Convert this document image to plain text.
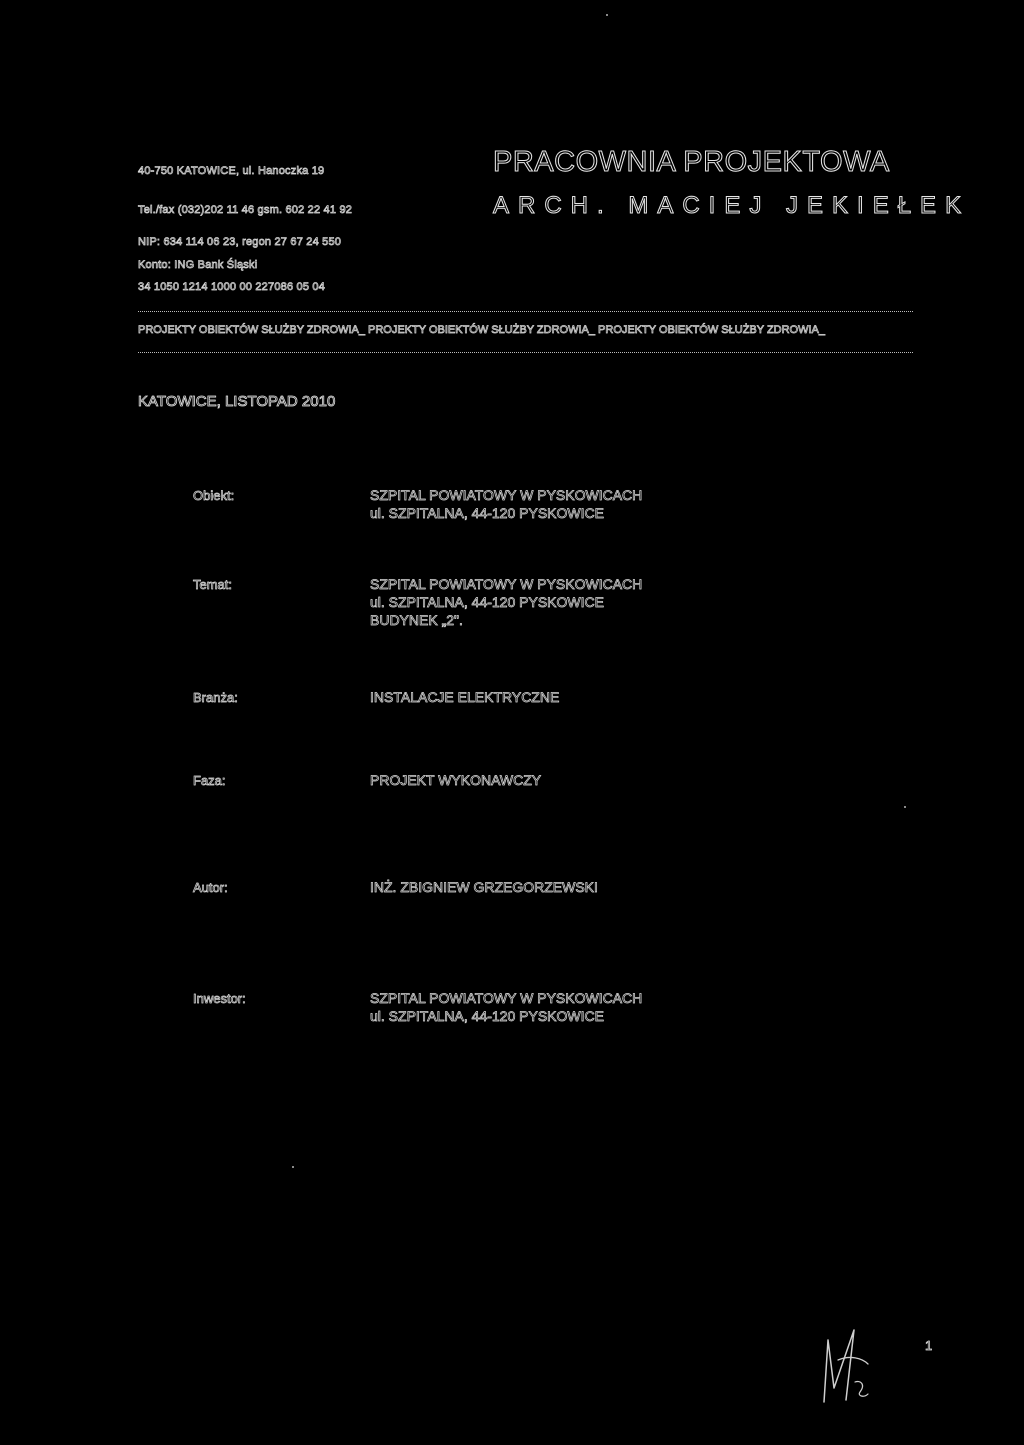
40-750 KATOWICE, ul. Hanoczka 19
Tel./fax (032)202 11 46 gsm. 602 22 41 92
NIP: 634 114 06 23, regon 27 67 24 550
Konto: ING Bank Śląski
34 1050 1214 1000 00 227086 05 04
PRACOWNIA PROJEKTOWA
ARCH. MACIEJ JEKIEŁEK
PROJEKTY OBIEKTÓW SŁUŻBY ZDROWIA_ PROJEKTY OBIEKTÓW SŁUŻBY ZDROWIA_ PROJEKTY OBIEKTÓW SŁUŻBY ZDROWIA_
KATOWICE, LISTOPAD 2010
Obiekt:	SZPITAL POWIATOWY W PYSKOWICACH
ul. SZPITALNA, 44-120 PYSKOWICE
Temat:	SZPITAL POWIATOWY W PYSKOWICACH
ul. SZPITALNA, 44-120 PYSKOWICE
BUDYNEK „2".
Branża:	INSTALACJE ELEKTRYCZNE
Faza:	PROJEKT WYKONAWCZY
Autor:	INŻ. ZBIGNIEW GRZEGORZEWSKI
Inwestor:	SZPITAL POWIATOWY W PYSKOWICACH
ul. SZPITALNA, 44-120 PYSKOWICE
1
